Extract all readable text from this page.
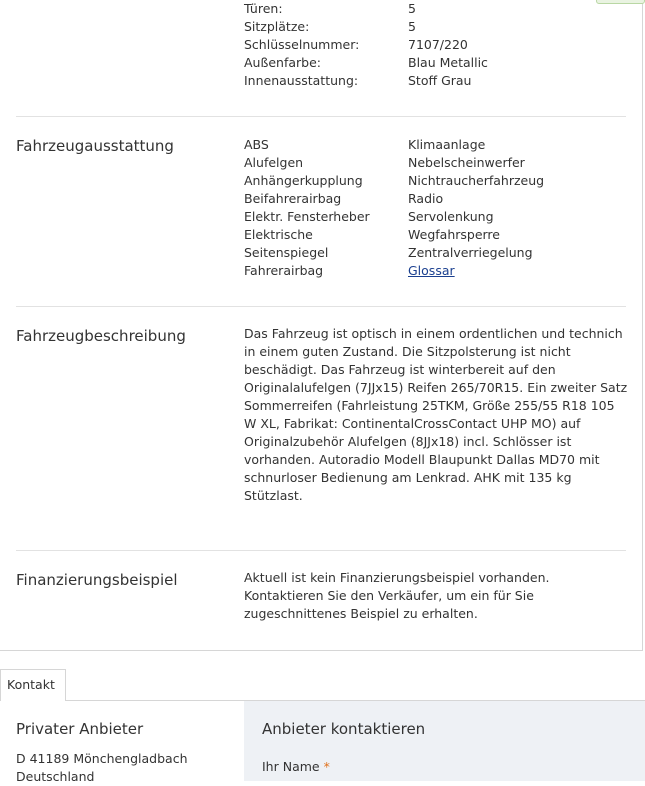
Türen:	5
Sitzplätze:	5
Schlüsselnummer:	7107/220
Außenfarbe:	Blau Metallic
Innenausstattung:	Stoff Grau
Fahrzeugausstattung	ABS	Klimaanlage
Alufelgen	Nebelscheinwerfer
Anhängerkupplung	Nichtraucherfahrzeug
Beifahrerairbag	Radio
Elektr. Fensterheber	Servolenkung
Elektrische	Wegfahrsperre
Seitenspiegel	Zentralverriegelung
Fahrerairbag	Glossar
Fahrzeugbeschreibung	Das Fahrzeug ist optisch in einem ordentlichen und technich in einem guten Zustand. Die Sitzpolsterung ist nicht beschädigt. Das Fahrzeug ist winterbereit auf den Originalalufelgen (7JJx15) Reifen 265/70R15. Ein zweiter Satz Sommerreifen (Fahrleistung 25TKM, Größe 255/55 R18 105 W XL, Fabrikat: ContinentalCrossContact UHP MO) auf Originalzubehör Alufelgen (8JJx18) incl. Schlösser ist vorhanden. Autoradio Modell Blaupunkt Dallas MD70 mit schnurloser Bedienung am Lenkrad. AHK mit 135 kg Stützlast.
Finanzierungsbeispiel	Aktuell ist kein Finanzierungsbeispiel vorhanden. Kontaktieren Sie den Verkäufer, um ein für Sie zugeschnittenes Beispiel zu erhalten.
Kontakt
Privater Anbieter
D 41189 Mönchengladbach
Deutschland
Anbieter kontaktieren
Ihr Name *
